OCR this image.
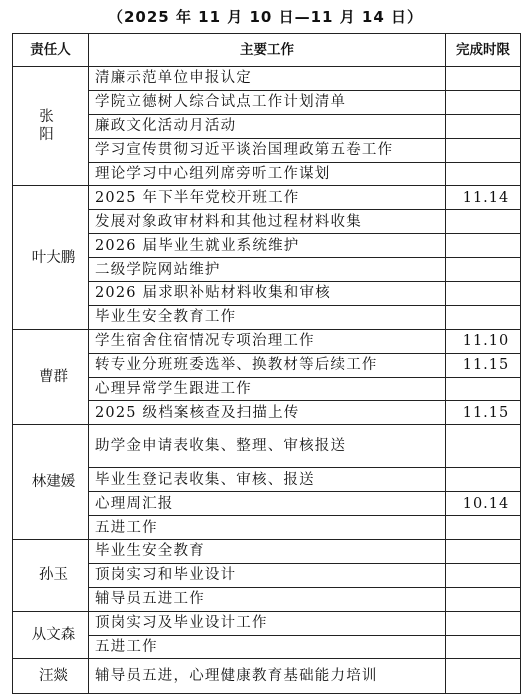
（2025 年 11 月 10 日—11 月 14 日）
责任人	主要工作	完成时限
张 阳	清廉示范单位申报认定	
	学院立德树人综合试点工作计划清单	
	廉政文化活动月活动	
	学习宣传贯彻习近平谈治国理政第五卷工作	
	理论学习中心组列席旁听工作谋划	
叶大鹏	2025 年下半年党校开班工作	11.14
	发展对象政审材料和其他过程材料收集	
	2026 届毕业生就业系统维护	
	二级学院网站维护	
	2026 届求职补贴材料收集和审核	
	毕业生安全教育工作	
曹群	学生宿舍住宿情况专项治理工作	11.10
	转专业分班班委选举、换教材等后续工作	11.15
	心理异常学生跟进工作	
	2025 级档案核查及扫描上传	11.15
林建媛	助学金申请表收集、整理、审核报送	
	毕业生登记表收集、审核、报送	
	心理周汇报	10.14
	五进工作	
孙玉	毕业生安全教育	
	顶岗实习和毕业设计	
	辅导员五进工作	
从文森	顶岗实习及毕业设计工作	
	五进工作	
汪燚	辅导员五进，心理健康教育基础能力培训	
